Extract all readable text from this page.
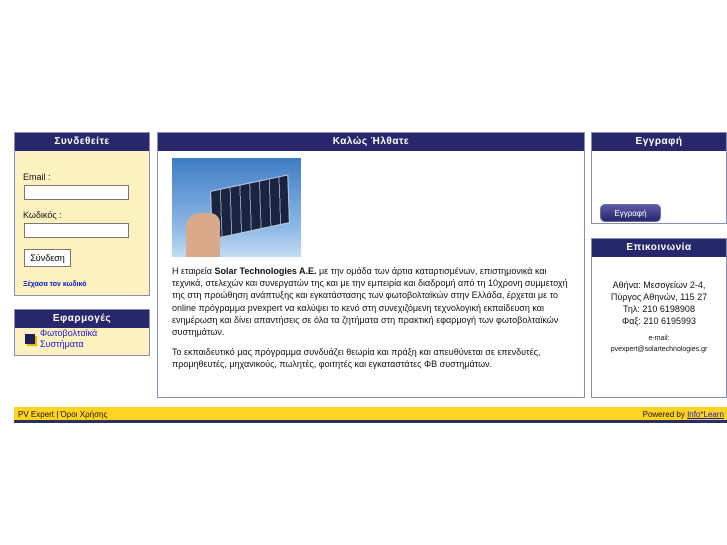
Συνδεθείτε
Email :
Κωδικός :
Σύνδεση
Ξέχασα τον κωδικό
Εφαρμογές
Φωτοβολταϊκά
Συστήματα
Καλώς Ήλθατε

Η εταιρεία Solar Technologies A.E. με την ομάδα των άρτια καταρτισμένων, επιστημονικά και τεχνικά, στελεχών και συνεργατών της και με την εμπειρία και διαδρομή από τη 10χρονη συμμετοχή της στη προώθηση ανάπτυξης και εγκατάστασης των φωτοβολταϊκών στην Ελλάδα, έρχεται με το online πρόγραμμα pvexpert να καλύψει το κενό στη συνεχιζόμενη τεχνολογική εκπαίδευση και ενημέρωση και δίνει απαντήσεις σε όλα τα ζητήματα στη πρακτική εφαρμογή των φωτοβολταϊκών συστημάτων.

Το εκπαιδευτικό μας πρόγραμμα συνδυάζει θεωρία και πράξη και απευθύνεται σε επενδυτές, προμηθευτές, μηχανικούς, πωλητές, φοιτητές και εγκαταστάτες ΦΒ συστημάτων.

Εγγραφή
Εγγραφή
Επικοινωνία
Αθήνα: Μεσογείων 2-4,
Πύργος Αθηνών, 115 27
Τηλ: 210 6198908
Φαξ: 210 6195993
e-mail:
pvexpert@solartechnologies.gr
PV Expert | Όροι Χρήσης	Powered by Info*Learn
